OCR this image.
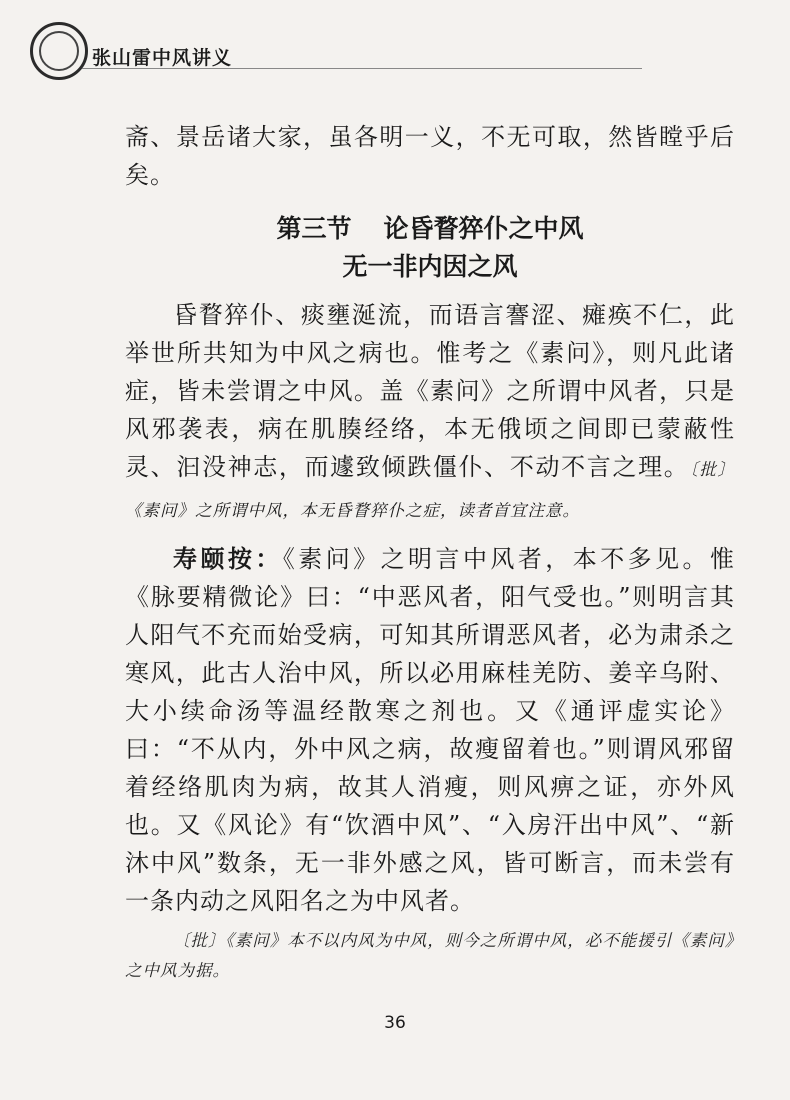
张山雷中风讲义

斋、景岳诸大家，虽各明一义，不无可取，然皆瞠乎后矣。

第三节 论昏瞀猝仆之中风
无一非内因之风

昏瞀猝仆、痰壅涎流，而语言謇涩、瘫痪不仁，此举世所共知为中风之病也。惟考之《素问》，则凡此诸症，皆未尝谓之中风。盖《素问》之所谓中风者，只是风邪袭表，病在肌腠经络，本无俄顷之间即已蒙蔽性灵、汩没神志，而遽致倾跌僵仆、不动不言之理。〔批〕《素问》之所谓中风，本无昏瞀猝仆之症，读者首宜注意。

寿颐按：《素问》之明言中风者，本不多见。惟《脉要精微论》曰：“中恶风者，阳气受也。”则明言其人阳气不充而始受病，可知其所谓恶风者，必为肃杀之寒风，此古人治中风，所以必用麻桂羌防、姜辛乌附、大小续命汤等温经散寒之剂也。又《通评虚实论》曰：“不从内，外中风之病，故瘦留着也。”则谓风邪留着经络肌肉为病，故其人消瘦，则风痹之证，亦外风也。又《风论》有“饮酒中风”、“入房汗出中风”、“新沐中风”数条，无一非外感之风，皆可断言，而未尝有一条内动之风阳名之为中风者。

〔批〕《素问》本不以内风为中风，则今之所谓中风，必不能援引《素问》之中风为据。

36
